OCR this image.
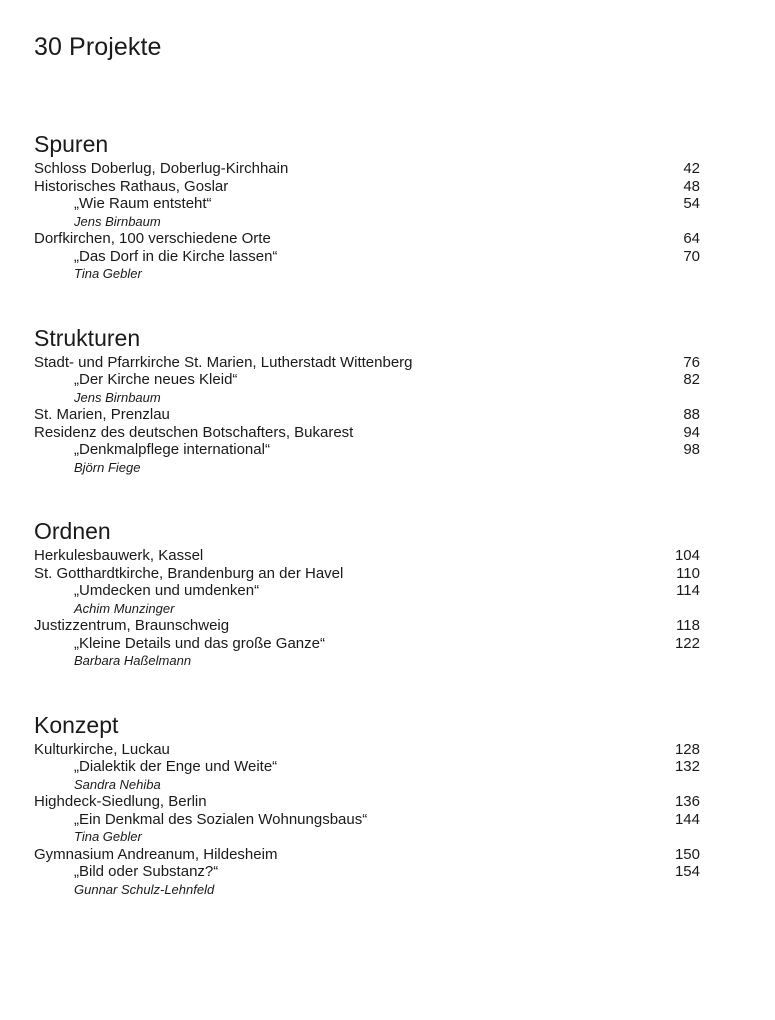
30 Projekte
Spuren
Schloss Doberlug, Doberlug-Kirchhain	42
Historisches Rathaus, Goslar	48
„Wie Raum entsteht“	54
Jens Birnbaum
Dorfkirchen, 100 verschiedene Orte	64
„Das Dorf in die Kirche lassen“	70
Tina Gebler
Strukturen
Stadt- und Pfarrkirche St. Marien, Lutherstadt Wittenberg	76
„Der Kirche neues Kleid“	82
Jens Birnbaum
St. Marien, Prenzlau	88
Residenz des deutschen Botschafters, Bukarest	94
„Denkmalpflege international“	98
Björn Fiege
Ordnen
Herkulesbauwerk, Kassel	104
St. Gotthardtkirche, Brandenburg an der Havel	110
„Umdecken und umdenken“	114
Achim Munzinger
Justizzentrum, Braunschweig	118
„Kleine Details und das große Ganze“	122
Barbara Haßelmann
Konzept
Kulturkirche, Luckau	128
„Dialektik der Enge und Weite“	132
Sandra Nehiba
Highdeck-Siedlung, Berlin	136
„Ein Denkmal des Sozialen Wohnungsbaus“	144
Tina Gebler
Gymnasium Andreanum, Hildesheim	150
„Bild oder Substanz?“	154
Gunnar Schulz-Lehnfeld
